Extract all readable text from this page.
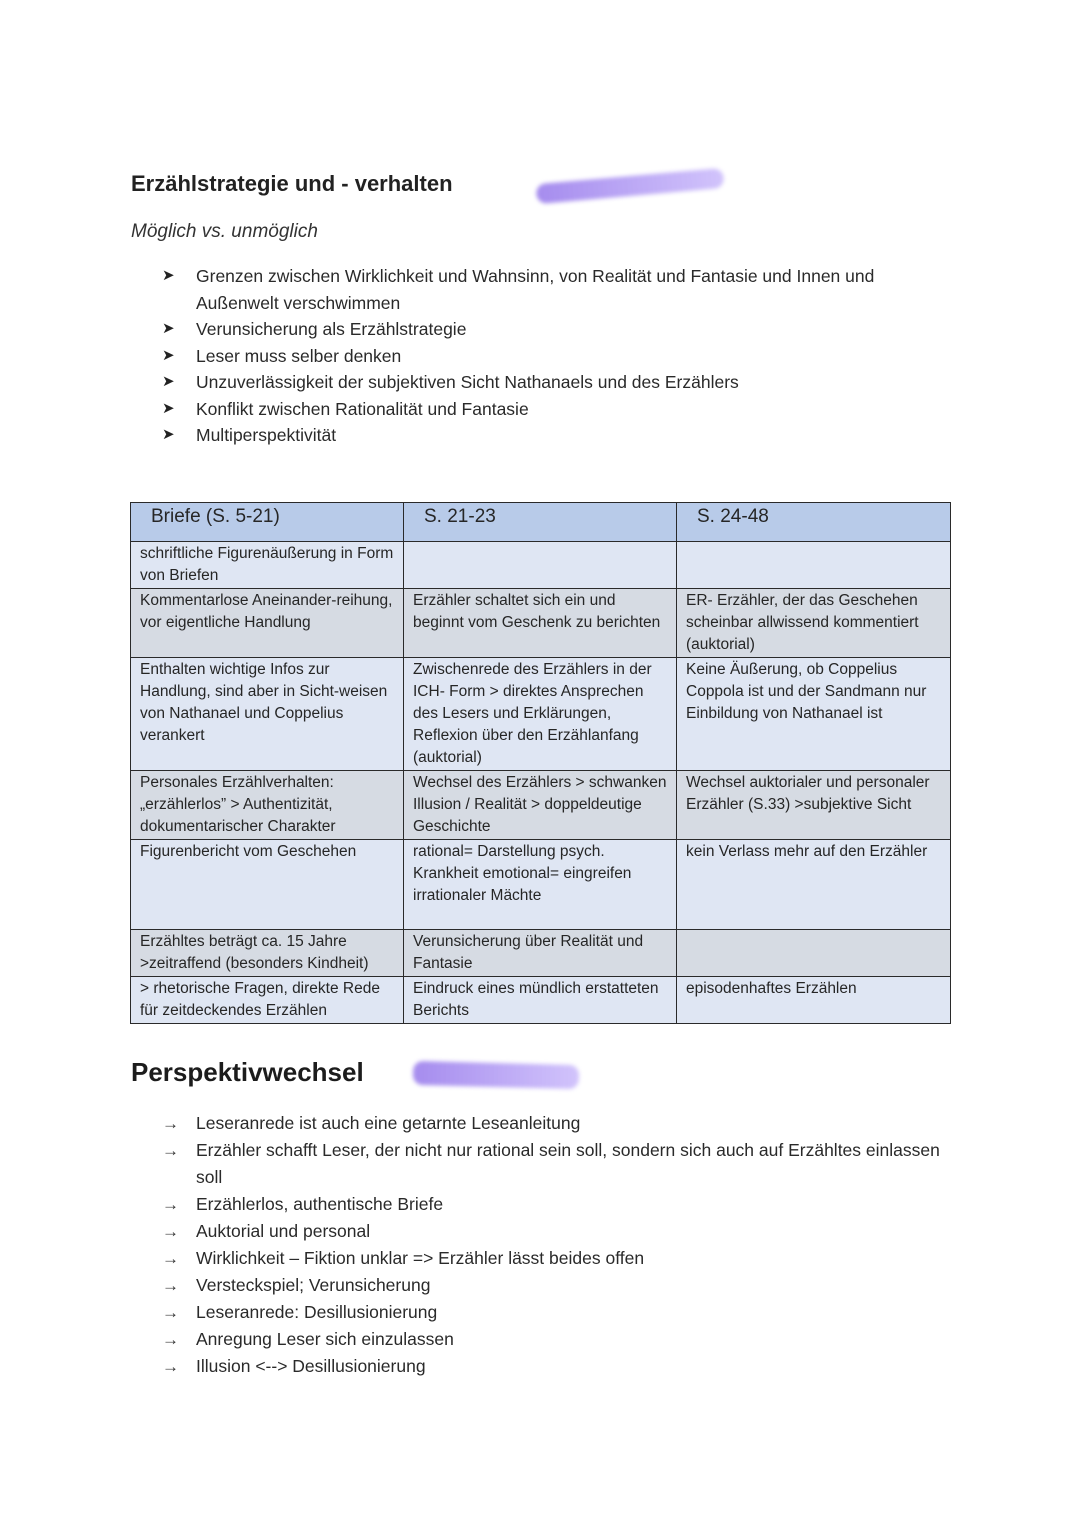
Erzählstrategie und - verhalten
Möglich vs. unmöglich
➤ Grenzen zwischen Wirklichkeit und Wahnsinn, von Realität und Fantasie und Innen und Außenwelt verschwimmen
➤ Verunsicherung als Erzählstrategie
➤ Leser muss selber denken
➤ Unzuverlässigkeit der subjektiven Sicht Nathanaels und des Erzählers
➤ Konflikt zwischen Rationalität und Fantasie
➤ Multiperspektivität
Briefe (S. 5-21)	S. 21-23	S. 24-48
schriftliche Figurenäußerung in Form von Briefen		
Kommentarlose Aneinander-reihung, vor eigentliche Handlung	Erzähler schaltet sich ein und beginnt vom Geschenk zu berichten	ER- Erzähler, der das Geschehen scheinbar allwissend kommentiert (auktorial)
Enthalten wichtige Infos zur Handlung, sind aber in Sicht-weisen von Nathanael und Coppelius verankert	Zwischenrede des Erzählers in der ICH- Form > direktes Ansprechen des Lesers und Erklärungen, Reflexion über den Erzählanfang (auktorial)	Keine Äußerung, ob Coppelius Coppola ist und der Sandmann nur Einbildung von Nathanael ist
Personales Erzählverhalten: „erzählerlos” > Authentizität, dokumentarischer Charakter	Wechsel des Erzählers > schwanken Illusion / Realität > doppeldeutige Geschichte	Wechsel auktorialer und personaler Erzähler (S.33) >subjektive Sicht
Figurenbericht vom Geschehen	rational= Darstellung psych. Krankheit emotional= eingreifen irrationaler Mächte	kein Verlass mehr auf den Erzähler
Erzähltes beträgt ca. 15 Jahre >zeitraffend (besonders Kindheit)	Verunsicherung über Realität und Fantasie	
> rhetorische Fragen, direkte Rede für zeitdeckendes Erzählen	Eindruck eines mündlich erstatteten Berichts	episodenhaftes Erzählen
Perspektivwechsel
→ Leseranrede ist auch eine getarnte Leseanleitung
→ Erzähler schafft Leser, der nicht nur rational sein soll, sondern sich auch auf Erzähltes einlassen soll
→ Erzählerlos, authentische Briefe
→ Auktorial und personal
→ Wirklichkeit – Fiktion unklar => Erzähler lässt beides offen
→ Versteckspiel; Verunsicherung
→ Leseranrede: Desillusionierung
→ Anregung Leser sich einzulassen
→ Illusion <--> Desillusionierung
